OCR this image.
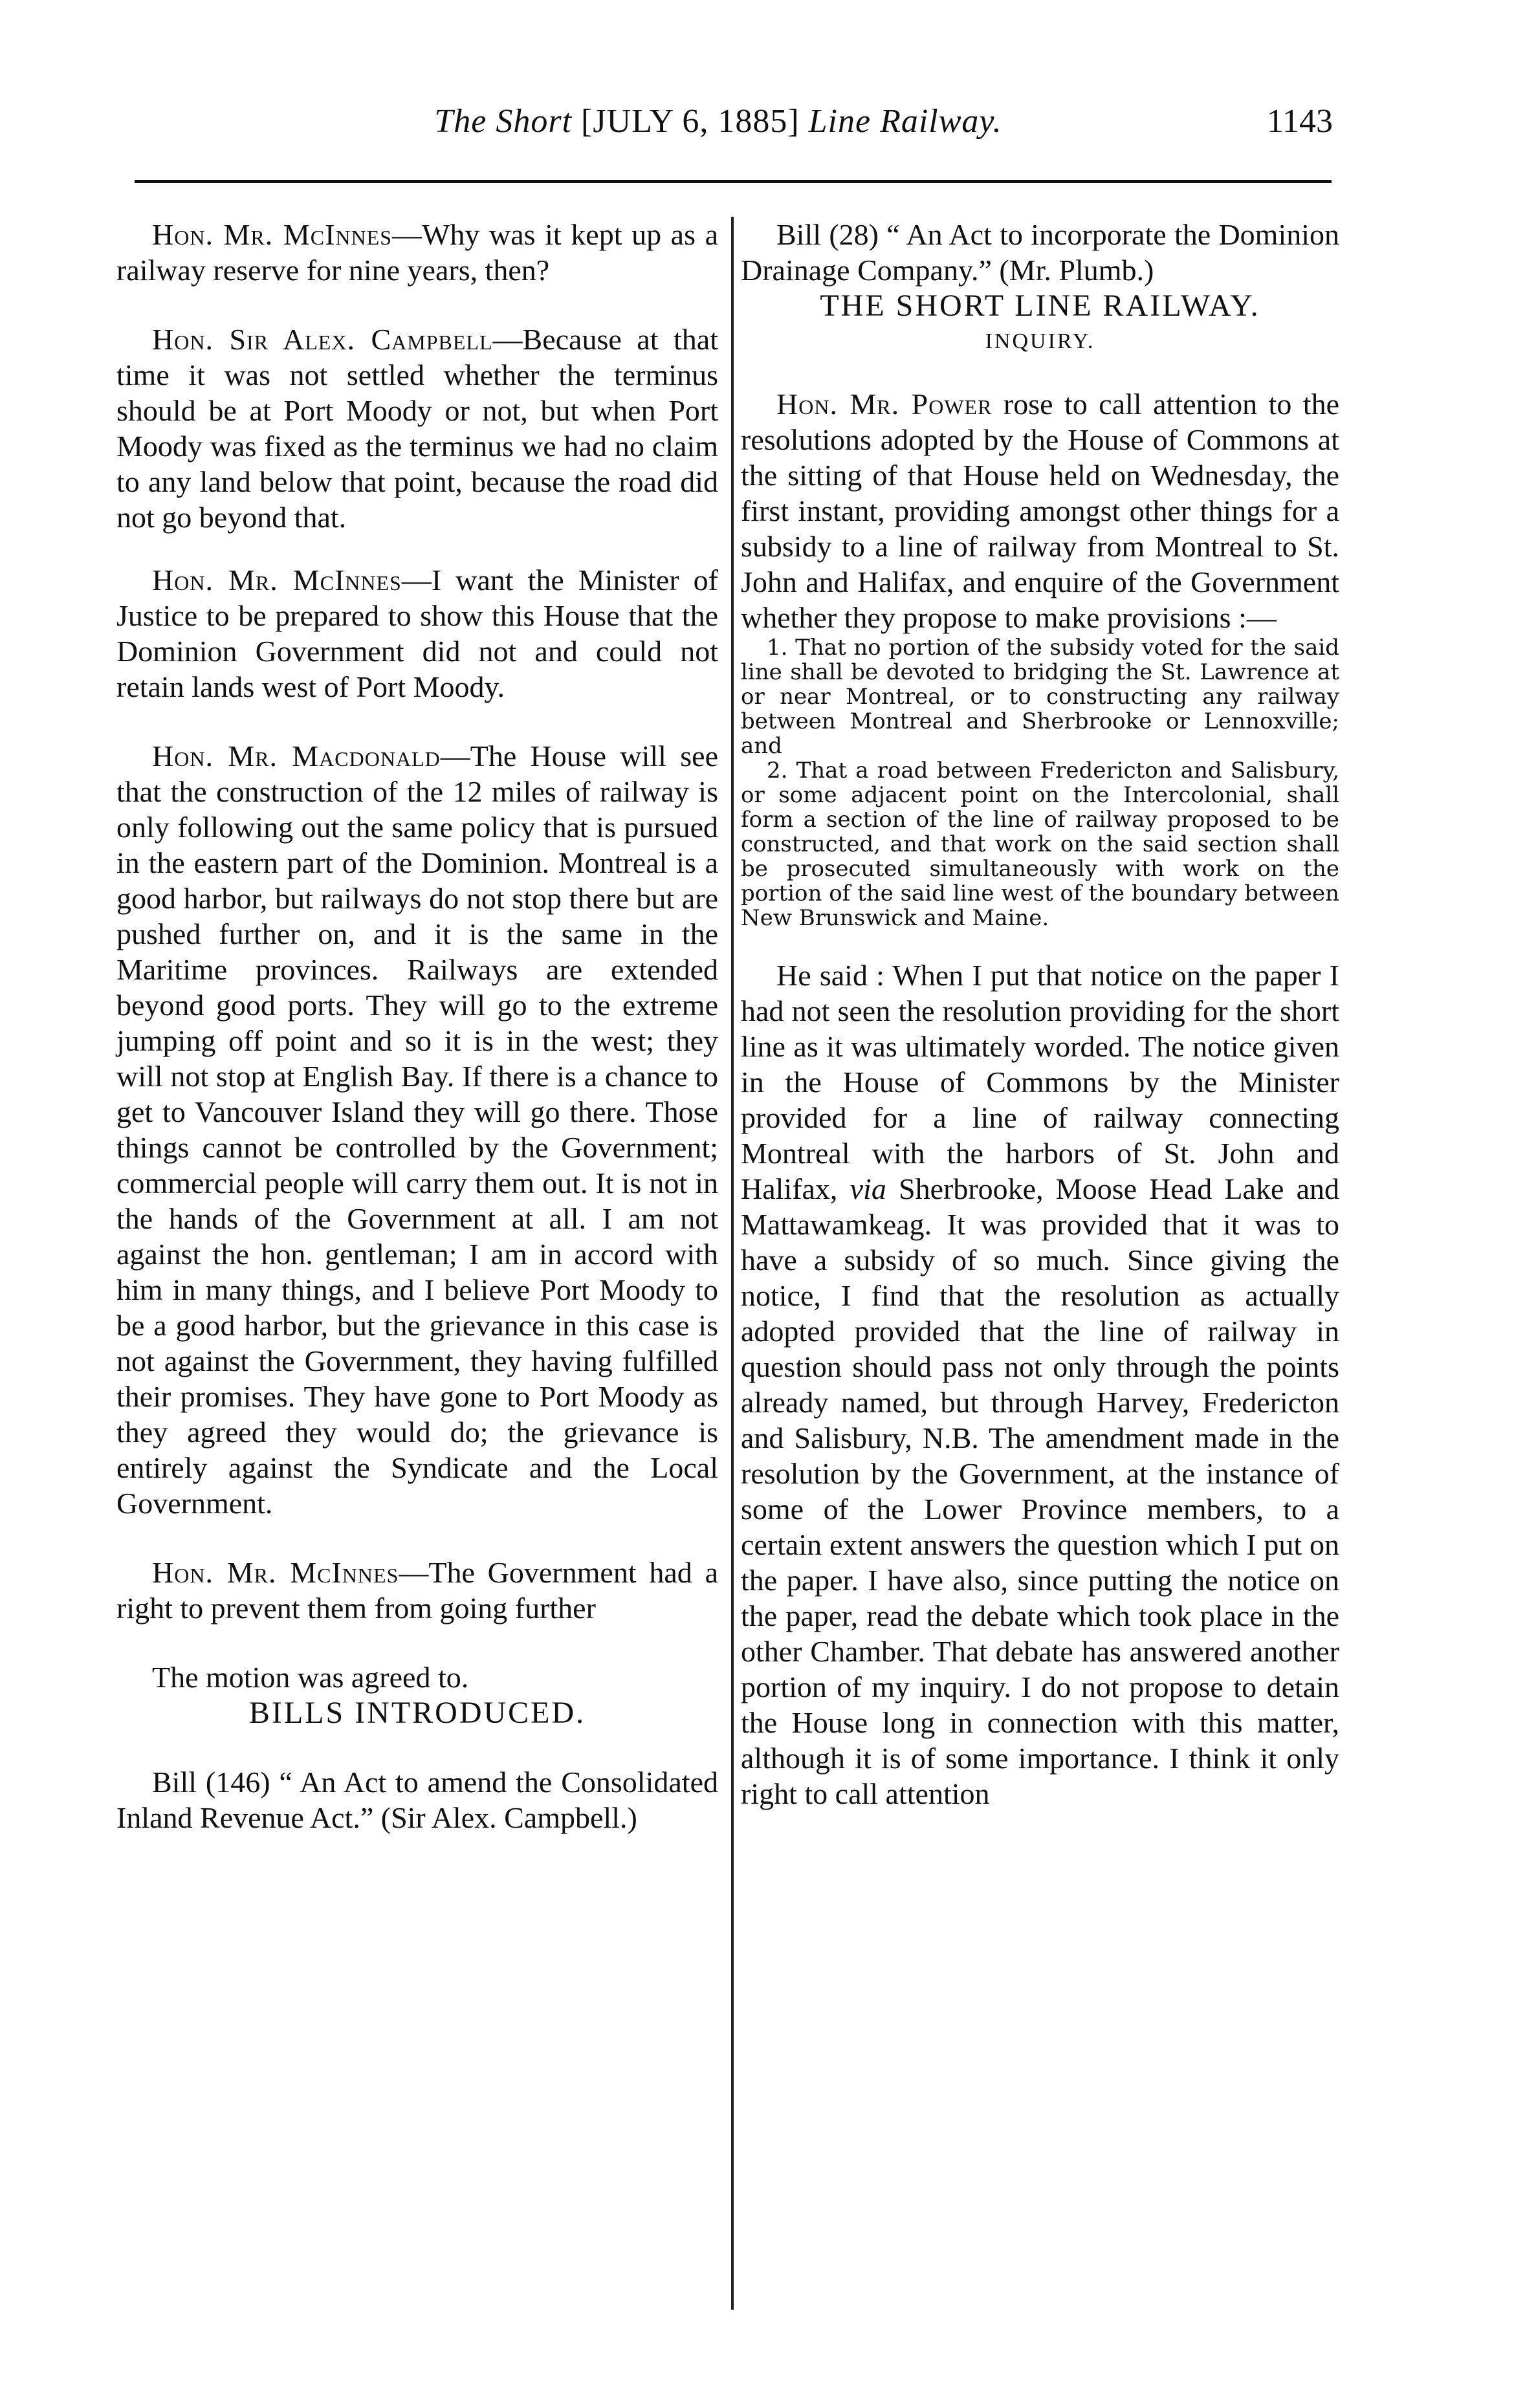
The Short [JULY 6, 1885] Line Railway.	1143

Hon. Mr. McInnes—Why was it kept up as a railway reserve for nine years, then?

Hon. Sir Alex. Campbell—Because at that time it was not settled whether the terminus should be at Port Moody or not, but when Port Moody was fixed as the terminus we had no claim to any land below that point, because the road did not go beyond that.

Hon. Mr. McInnes—I want the Minister of Justice to be prepared to show this House that the Dominion Government did not and could not retain lands west of Port Moody.

Hon. Mr. Macdonald—The House will see that the construction of the 12 miles of railway is only following out the same policy that is pursued in the eastern part of the Dominion. Montreal is a good harbor, but railways do not stop there but are pushed further on, and it is the same in the Maritime provinces. Railways are extended beyond good ports. They will go to the extreme jumping off point and so it is in the west; they will not stop at English Bay. If there is a chance to get to Vancouver Island they will go there. Those things cannot be controlled by the Government; commercial people will carry them out. It is not in the hands of the Government at all. I am not against the hon. gentleman; I am in accord with him in many things, and I believe Port Moody to be a good harbor, but the grievance in this case is not against the Government, they having fulfilled their promises. They have gone to Port Moody as they agreed they would do; the grievance is entirely against the Syndicate and the Local Government.

Hon. Mr. McInnes—The Government had a right to prevent them from going further

The motion was agreed to.

BILLS INTRODUCED.

Bill (146) “ An Act to amend the Consolidated Inland Revenue Act.” (Sir Alex. Campbell.)

Bill (28) “ An Act to incorporate the Dominion Drainage Company.” (Mr. Plumb.)

THE SHORT LINE RAILWAY.

INQUIRY.

Hon. Mr. Power rose to call attention to the resolutions adopted by the House of Commons at the sitting of that House held on Wednesday, the first instant, providing amongst other things for a subsidy to a line of railway from Montreal to St. John and Halifax, and enquire of the Government whether they propose to make provisions :—

1. That no portion of the subsidy voted for the said line shall be devoted to bridging the St. Lawrence at or near Montreal, or to constructing any railway between Montreal and Sherbrooke or Lennoxville; and

2. That a road between Fredericton and Salisbury, or some adjacent point on the Intercolonial, shall form a section of the line of railway proposed to be constructed, and that work on the said section shall be prosecuted simultaneously with work on the portion of the said line west of the boundary between New Brunswick and Maine.

He said : When I put that notice on the paper I had not seen the resolution providing for the short line as it was ultimately worded. The notice given in the House of Commons by the Minister provided for a line of railway connecting Montreal with the harbors of St. John and Halifax, via Sherbrooke, Moose Head Lake and Mattawamkeag. It was provided that it was to have a subsidy of so much. Since giving the notice, I find that the resolution as actually adopted provided that the line of railway in question should pass not only through the points already named, but through Harvey, Fredericton and Salisbury, N.B. The amendment made in the resolution by the Government, at the instance of some of the Lower Province members, to a certain extent answers the question which I put on the paper. I have also, since putting the notice on the paper, read the debate which took place in the other Chamber. That debate has answered another portion of my inquiry. I do not propose to detain the House long in connection with this matter, although it is of some importance. I think it only right to call attention
